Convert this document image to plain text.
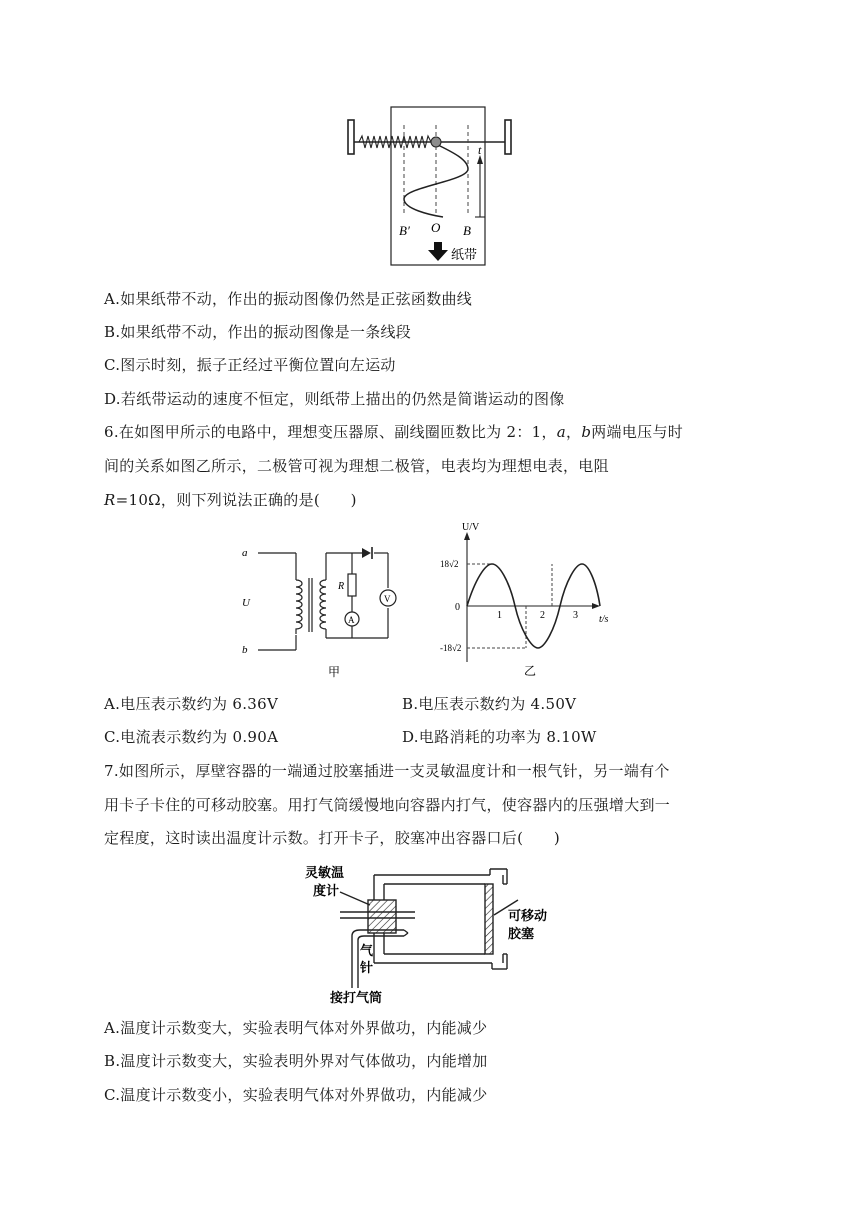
t
B′ O B
纸带
A.如果纸带不动，作出的振动图像仍然是正弦函数曲线
B.如果纸带不动，作出的振动图像是一条线段
C.图示时刻，振子正经过平衡位置向左运动
D.若纸带运动的速度不恒定，则纸带上描出的仍然是简谐运动的图像
6.在如图甲所示的电路中，理想变压器原、副线圈匝数比为 2：1，a，b两端电压与时
间的关系如图乙所示，二极管可视为理想二极管，电表均为理想电表，电阻
R=10Ω，则下列说法正确的是(　　)
a
U
b
R
A
V
甲
U/V
18√2
-18√2
0
1	2	3 t/s
乙
A.电压表示数约为 6.36V	B.电压表示数约为 4.50V
C.电流表示数约为 0.90A	D.电路消耗的功率为 8.10W
7.如图所示，厚壁容器的一端通过胶塞插进一支灵敏温度计和一根气针，另一端有个
用卡子卡住的可移动胶塞。用打气筒缓慢地向容器内打气，使容器内的压强增大到一
定程度，这时读出温度计示数。打开卡子，胶塞冲出容器口后(　　)
灵敏温
度计
气
针
接打气筒
可移动
胶塞
A.温度计示数变大，实验表明气体对外界做功，内能减少
B.温度计示数变大，实验表明外界对气体做功，内能增加
C.温度计示数变小，实验表明气体对外界做功，内能减少
